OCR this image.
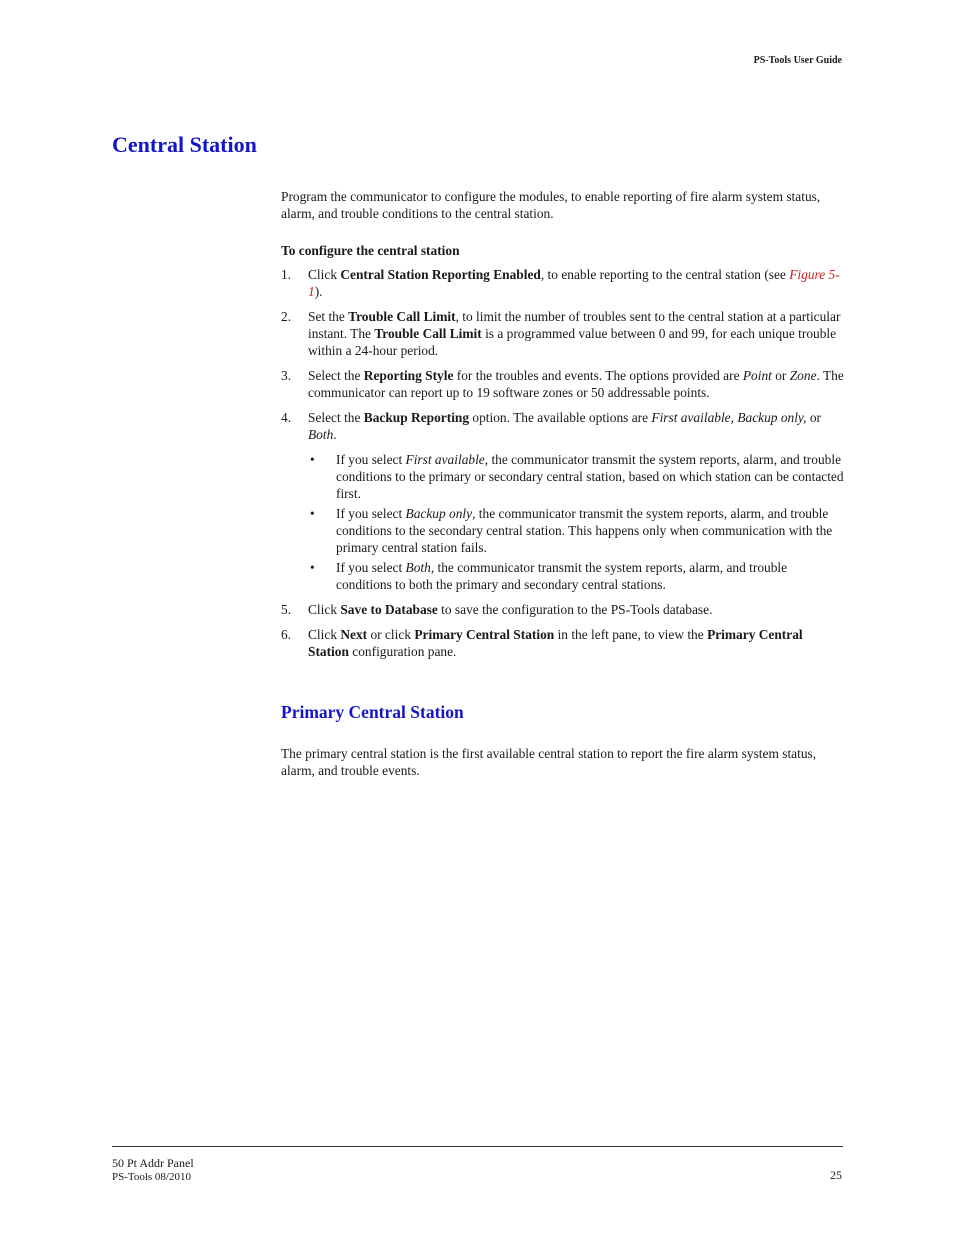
PS-Tools User Guide
Central Station

Program the communicator to configure the modules, to enable reporting of fire alarm system status, alarm, and trouble conditions to the central station.

To configure the central station

1. Click Central Station Reporting Enabled, to enable reporting to the central station (see Figure 5-1).
2. Set the Trouble Call Limit, to limit the number of troubles sent to the central station at a particular instant. The Trouble Call Limit is a programmed value between 0 and 99, for each unique trouble within a 24-hour period.
3. Select the Reporting Style for the troubles and events. The options provided are Point or Zone. The communicator can report up to 19 software zones or 50 addressable points.
4. Select the Backup Reporting option. The available options are First available, Backup only, or Both.
• If you select First available, the communicator transmit the system reports, alarm, and trouble conditions to the primary or secondary central station, based on which station can be contacted first.
• If you select Backup only, the communicator transmit the system reports, alarm, and trouble conditions to the secondary central station. This happens only when communication with the primary central station fails.
• If you select Both, the communicator transmit the system reports, alarm, and trouble conditions to both the primary and secondary central stations.
5. Click Save to Database to save the configuration to the PS-Tools database.
6. Click Next or click Primary Central Station in the left pane, to view the Primary Central Station configuration pane.
Primary Central Station

The primary central station is the first available central station to report the fire alarm system status, alarm, and trouble events.

50 Pt Addr Panel
PS-Tools 08/2010	25
